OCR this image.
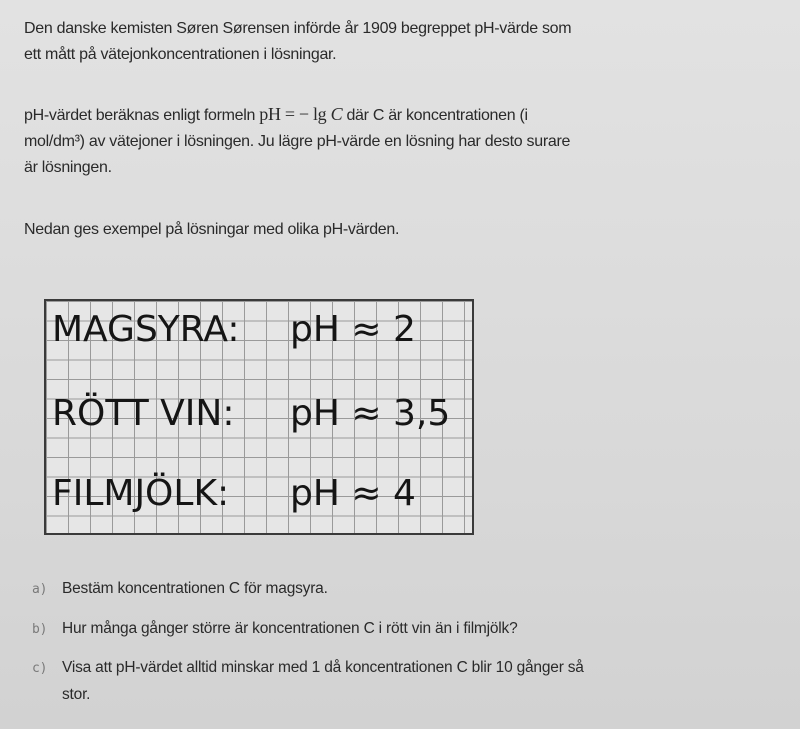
Den danske kemisten Søren Sørensen införde år 1909 begreppet pH-värde som
ett mått på vätejonkoncentrationen i lösningar.
pH-värdet beräknas enligt formeln pH = − lg C där C är koncentrationen (i
mol/dm³) av vätejoner i lösningen. Ju lägre pH-värde en lösning har desto surare
är lösningen.
Nedan ges exempel på lösningar med olika pH-värden.
MAGSYRA: pH ≈ 2
RÖTT VIN: pH ≈ 3,5
FILMJÖLK: pH ≈ 4
a) Bestäm koncentrationen C för magsyra.
b) Hur många gånger större är koncentrationen C i rött vin än i filmjölk?
c) Visa att pH-värdet alltid minskar med 1 då koncentrationen C blir 10 gånger så
stor.
